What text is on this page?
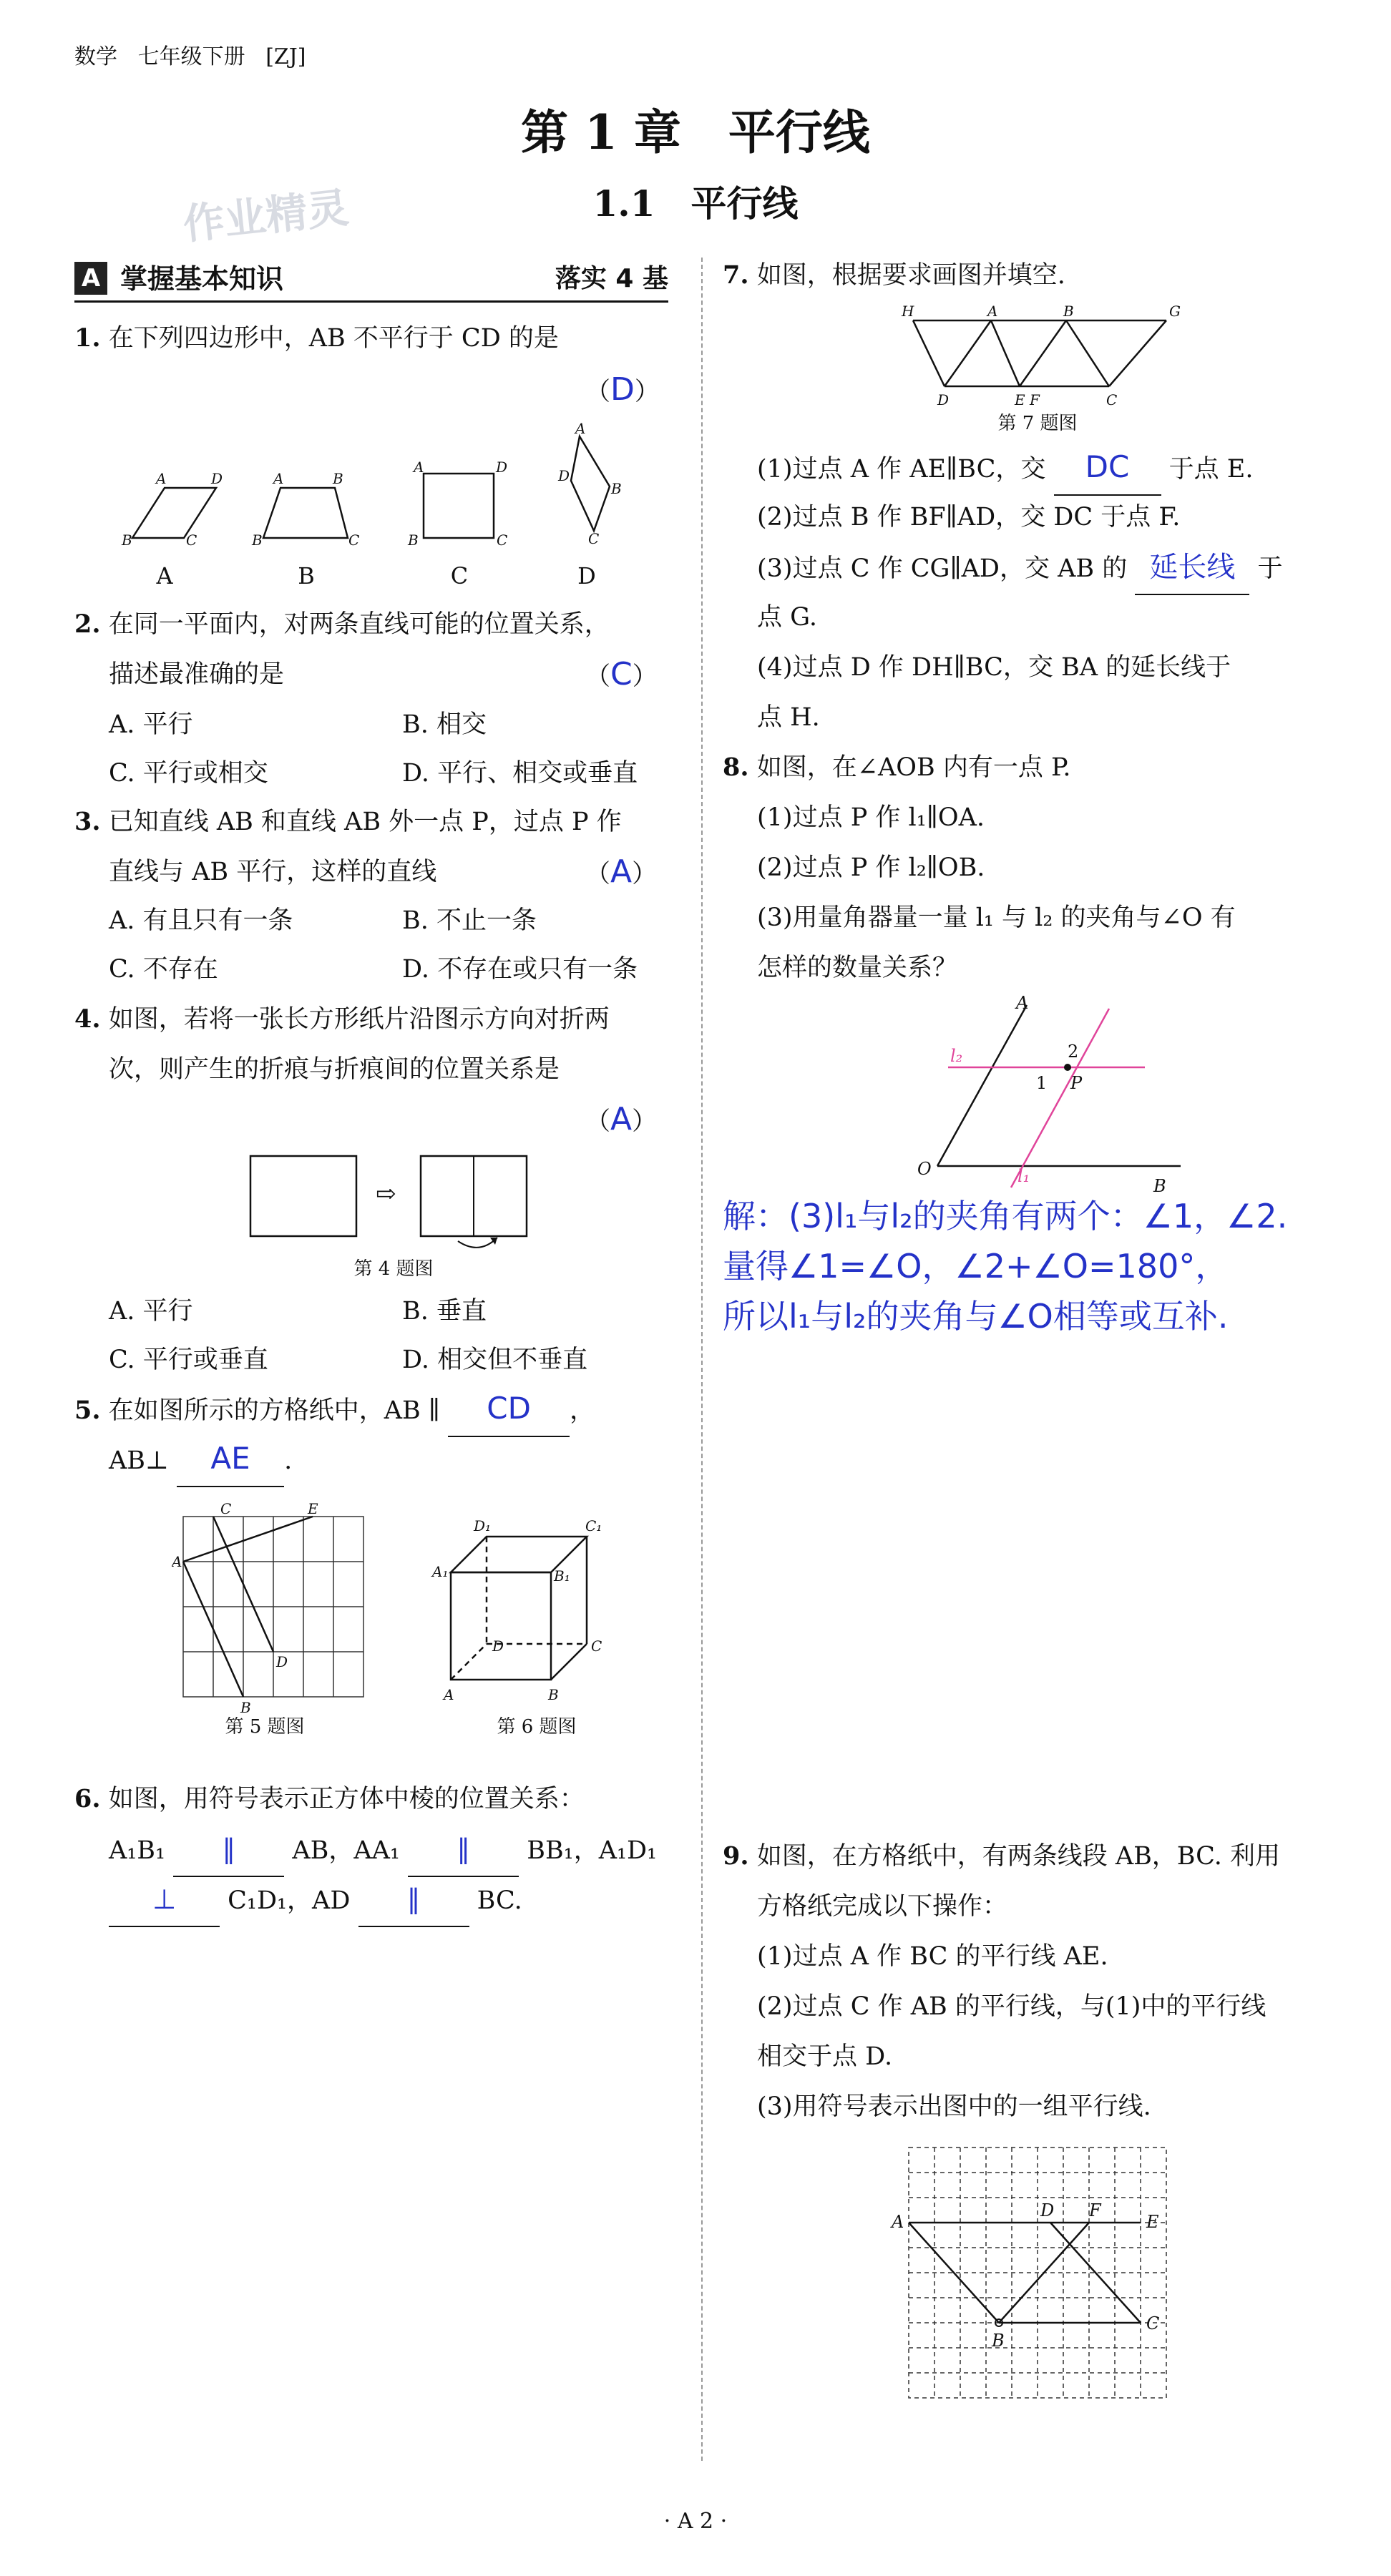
数学 七年级下册 [ZJ]
第 1 章　平行线
1.1　平行线
作业精灵
A 掌握基本知识	落实 4 基
1. 在下列四边形中，AB 不平行于 CD 的是
（D）
B	C
A	D
B	C
A	B
A	D
B	C
A
B
C
D
A	B	C	D
2. 在同一平面内，对两条直线可能的位置关系，
描述最准确的是	（C）
A. 平行	B. 相交
C. 平行或相交	D. 平行、相交或垂直
3. 已知直线 AB 和直线 AB 外一点 P，过点 P 作
直线与 AB 平行，这样的直线	（A）
A. 有且只有一条	B. 不止一条
C. 不存在	D. 不存在或只有一条
4. 如图，若将一张长方形纸片沿图示方向对折两
次，则产生的折痕与折痕间的位置关系是
（A）
⇨
第 4 题图
A. 平行	B. 垂直
C. 平行或垂直	D. 相交但不垂直
5. 在如图所示的方格纸中，AB ∥ CD ，
AB⊥ AE .
A
C	E
D
B
第 5 题图
D₁	C₁
A₁	B₁
D	C
A	B
第 6 题图
6. 如图，用符号表示正方体中棱的位置关系：
A₁B₁ ∥ AB，AA₁ ∥ BB₁，A₁D₁
⊥ C₁D₁，AD ∥ BC.
7. 如图，根据要求画图并填空.
H	A	B	G
D	E F	C
第 7 题图
(1)过点 A 作 AE∥BC，交 DC 于点 E.
(2)过点 B 作 BF∥AD，交 DC 于点 F.
(3)过点 C 作 CG∥AD，交 AB 的 延长线 于
点 G.
(4)过点 D 作 DH∥BC，交 BA 的延长线于
点 H.
8. 如图，在∠AOB 内有一点 P.
(1)过点 P 作 l₁∥OA.
(2)过点 P 作 l₂∥OB.
(3)用量角器量一量 l₁ 与 l₂ 的夹角与∠O 有
怎样的数量关系？
A
O
B
P
1
2
l₂
l₁
解：(3)l₁与l₂的夹角有两个：∠1，∠2.
量得∠1=∠O，∠2+∠O=180°，
所以l₁与l₂的夹角与∠O相等或互补.
9. 如图，在方格纸中，有两条线段 AB，BC. 利用
方格纸完成以下操作：
(1)过点 A 作 BC 的平行线 AE.
(2)过点 C 作 AB 的平行线，与(1)中的平行线
相交于点 D.
(3)用符号表示出图中的一组平行线.
A
D F
E
B
C
· A 2 ·
